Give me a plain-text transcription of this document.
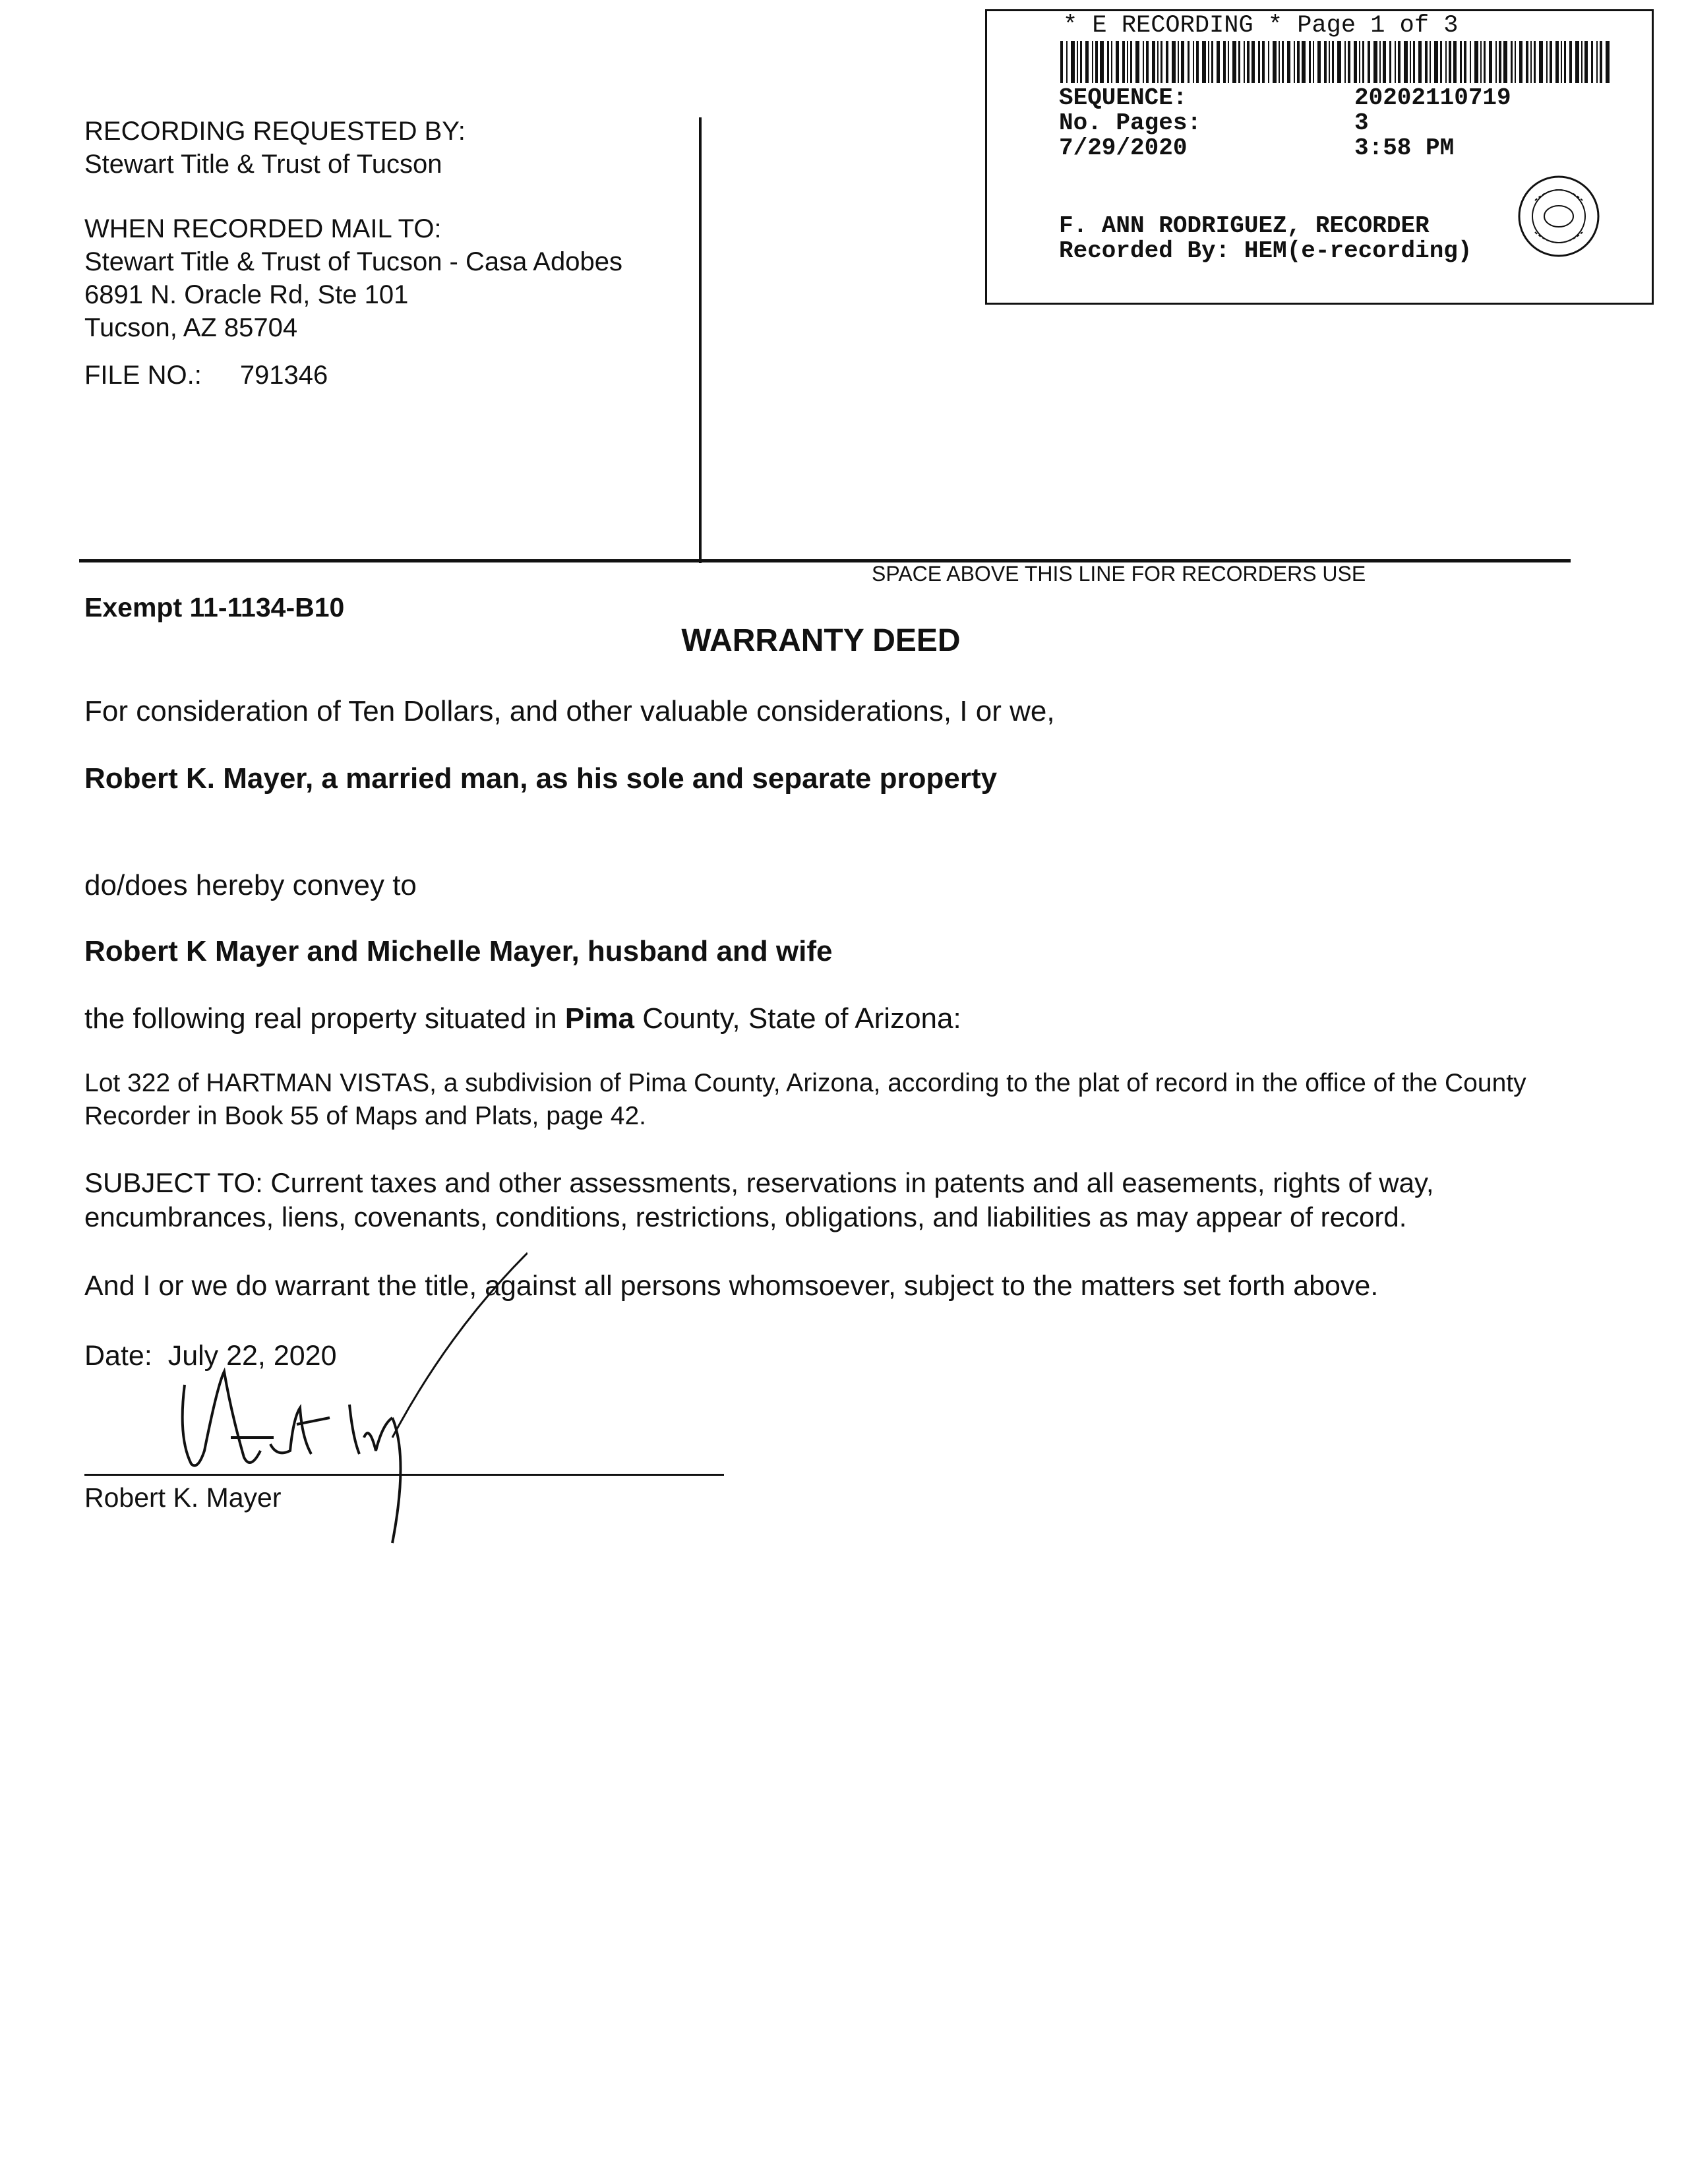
* E RECORDING * Page 1 of 3
SEQUENCE:	20202110719
No. Pages:	3
7/29/2020	3:58 PM
F. ANN RODRIGUEZ, RECORDER
Recorded By: HEM(e-recording)
RECORDING REQUESTED BY:
Stewart Title & Trust of Tucson
WHEN RECORDED MAIL TO:
Stewart Title & Trust of Tucson - Casa Adobes
6891 N. Oracle Rd, Ste 101
Tucson, AZ 85704
FILE NO.: 791346
SPACE ABOVE THIS LINE FOR RECORDERS USE
Exempt 11-1134-B10
WARRANTY DEED
For consideration of Ten Dollars, and other valuable considerations, I or we,
Robert K. Mayer, a married man, as his sole and separate property
do/does hereby convey to
Robert K Mayer and Michelle Mayer, husband and wife
the following real property situated in Pima County, State of Arizona:
Lot 322 of HARTMAN VISTAS, a subdivision of Pima County, Arizona, according to the plat of record in the office of the County Recorder in Book 55 of Maps and Plats, page 42.
SUBJECT TO: Current taxes and other assessments, reservations in patents and all easements, rights of way, encumbrances, liens, covenants, conditions, restrictions, obligations, and liabilities as may appear of record.
And I or we do warrant the title, against all persons whomsoever, subject to the matters set forth above.
Date: July 22, 2020
Robert K. Mayer
